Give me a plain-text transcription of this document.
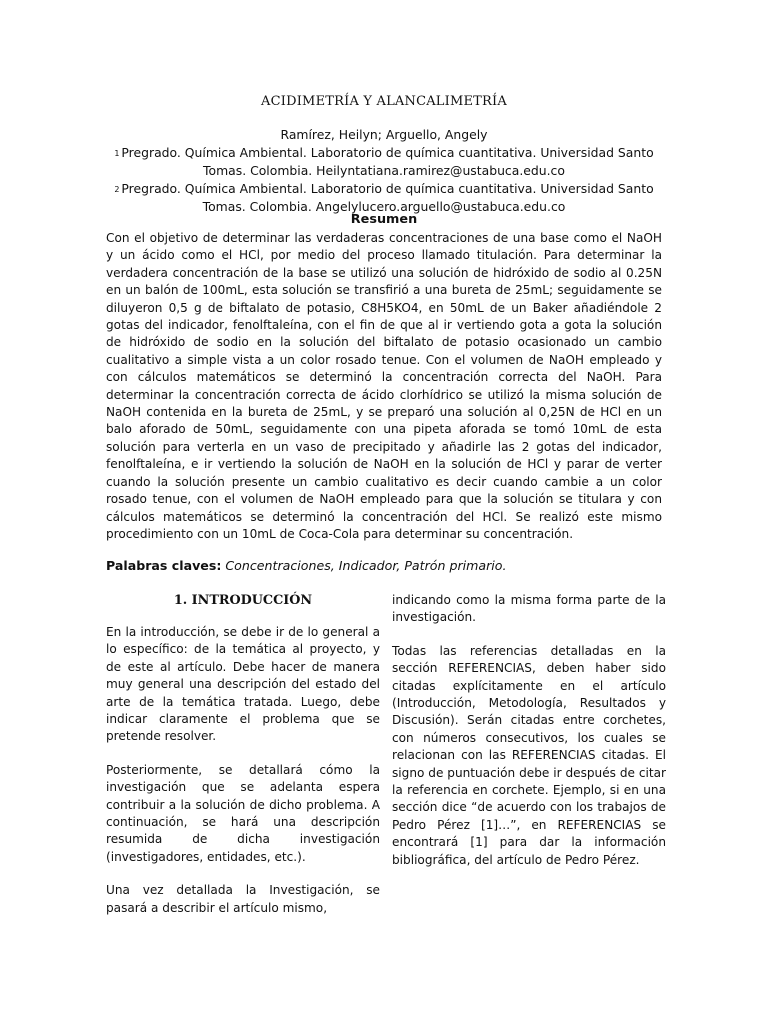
ACIDIMETRÍA Y ALANCALIMETRÍA
Ramírez, Heilyn; Arguello, Angely
$^1$ Pregrado. Química Ambiental. Laboratorio de química cuantitativa. Universidad Santo Tomas. Colombia. Heilyntatiana.ramirez@ustabuca.edu.co
$^2$ Pregrado. Química Ambiental. Laboratorio de química cuantitativa. Universidad Santo Tomas. Colombia. Angelylucero.arguello@ustabuca.edu.co
Resumen
Con el objetivo de determinar las verdaderas concentraciones de una base como el NaOH y un ácido como el HCl, por medio del proceso llamado titulación. Para determinar la verdadera concentración de la base se utilizó una solución de hidróxido de sodio al 0.25N en un balón de 100mL, esta solución se transfirió a una bureta de 25mL; seguidamente se diluyeron 0,5 g de biftalato de potasio, C8H5KO4, en 50mL de un Baker añadiéndole 2 gotas del indicador, fenolftaleína, con el fin de que al ir vertiendo gota a gota la solución de hidróxido de sodio en la solución del biftalato de potasio ocasionado un cambio cualitativo a simple vista a un color rosado tenue. Con el volumen de NaOH empleado y con cálculos matemáticos se determinó la concentración correcta del NaOH. Para determinar la concentración correcta de ácido clorhídrico se utilizó la misma solución de NaOH contenida en la bureta de 25mL, y se preparó una solución al 0,25N de HCl en un balo aforado de 50mL, seguidamente con una pipeta aforada se tomó 10mL de esta solución para verterla en un vaso de precipitado y añadirle las 2 gotas del indicador, fenolftaleína, e ir vertiendo la solución de NaOH en la solución de HCl y parar de verter cuando la solución presente un cambio cualitativo es decir cuando cambie a un color rosado tenue, con el volumen de NaOH empleado para que la solución se titulara y con cálculos matemáticos se determinó la concentración del HCl. Se realizó este mismo procedimiento con un 10mL de Coca-Cola para determinar su concentración.
Palabras claves: Concentraciones, Indicador, Patrón primario.
1. INTRODUCCIÓN

En la introducción, se debe ir de lo general a lo específico: de la temática al proyecto, y de este al artículo. Debe hacer de manera muy general una descripción del estado del arte de la temática tratada. Luego, debe indicar claramente el problema que se pretende resolver.

Posteriormente, se detallará cómo la investigación que se adelanta espera contribuir a la solución de dicho problema. A continuación, se hará una descripción resumida de dicha investigación (investigadores, entidades, etc.).

Una vez detallada la Investigación, se pasará a describir el artículo mismo,

indicando como la misma forma parte de la investigación.

Todas las referencias detalladas en la sección REFERENCIAS, deben haber sido citadas explícitamente en el artículo (Introducción, Metodología, Resultados y Discusión). Serán citadas entre corchetes, con números consecutivos, los cuales se relacionan con las REFERENCIAS citadas. El signo de puntuación debe ir después de citar la referencia en corchete. Ejemplo, si en una sección dice “de acuerdo con los trabajos de Pedro Pérez [1]…”, en REFERENCIAS se encontrará [1] para dar la información bibliográfica, del artículo de Pedro Pérez.
